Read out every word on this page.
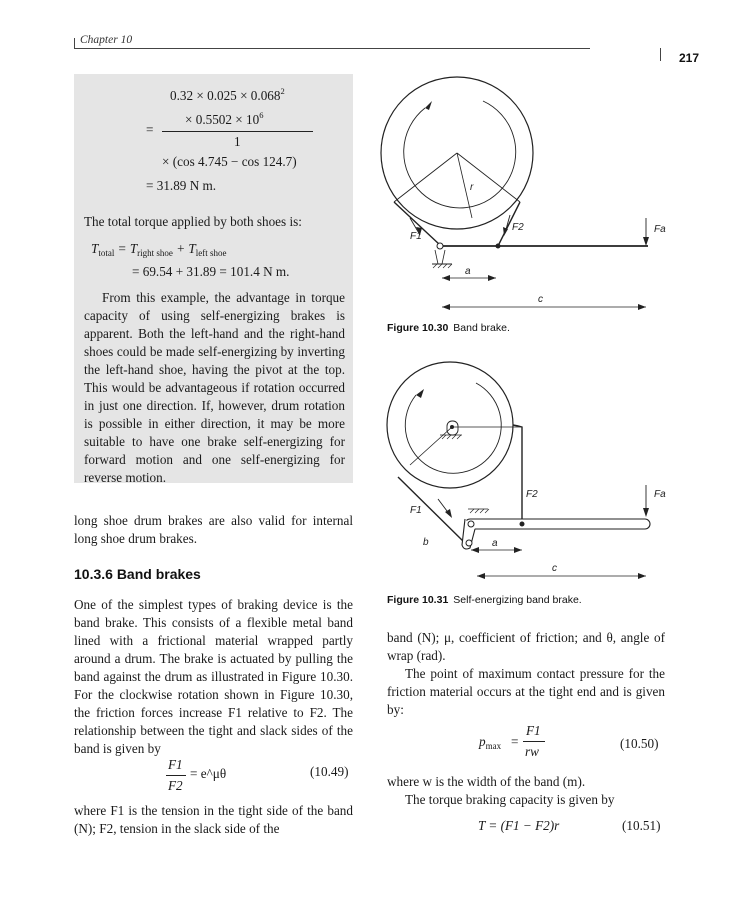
Chapter 10
217
$0.32 \times 0.025 \times 0.068^2$
× $0.5502 \times 10^6$
=
1
× (cos 4.745 − cos 124.7)
= 31.89 N m.
The total torque applied by both shoes is:
$T_{total} = T_{right shoe} + T_{left shoe}$
= 69.54 + 31.89 = 101.4 N m.
From this example, the advantage in torque capacity of using self-energizing brakes is apparent. Both the left-hand and the right-hand shoes could be made self-energizing by inverting the left-hand shoe, having the pivot at the top. This would be advantageous if rotation occurred in just one direction. If, however, drum rotation is possible in either direction, it may be more suitable to have one brake self-energizing for forward motion and one self-energizing for reverse motion.
long shoe drum brakes are also valid for internal long shoe drum brakes.
10.3.6 Band brakes
One of the simplest types of braking device is the band brake. This consists of a flexible metal band lined with a frictional material wrapped partly around a drum. The brake is actuated by pulling the band against the drum as illustrated in Figure 10.30. For the clockwise rotation shown in Figure 10.30, the friction forces increase F1 relative to F2. The relationship between the tight and slack sides of the band is given by
F1
F2
= e^μθ	(10.49)
where F1 is the tension in the tight side of the band (N); F2, tension in the slack side of the
r
F1
F2	Fa
a
c
Figure 10.30 Band brake.
F1
F2	Fa
b	a
c
Figure 10.31 Self-energizing band brake.
band (N); μ, coefficient of friction; and θ, angle of wrap (rad).
The point of maximum contact pressure for the friction material occurs at the tight end and is given by:
$p_{max}$ =
F1
rw
(10.50)
where w is the width of the band (m).
The torque braking capacity is given by
T = (F1 − F2)r	(10.51)
